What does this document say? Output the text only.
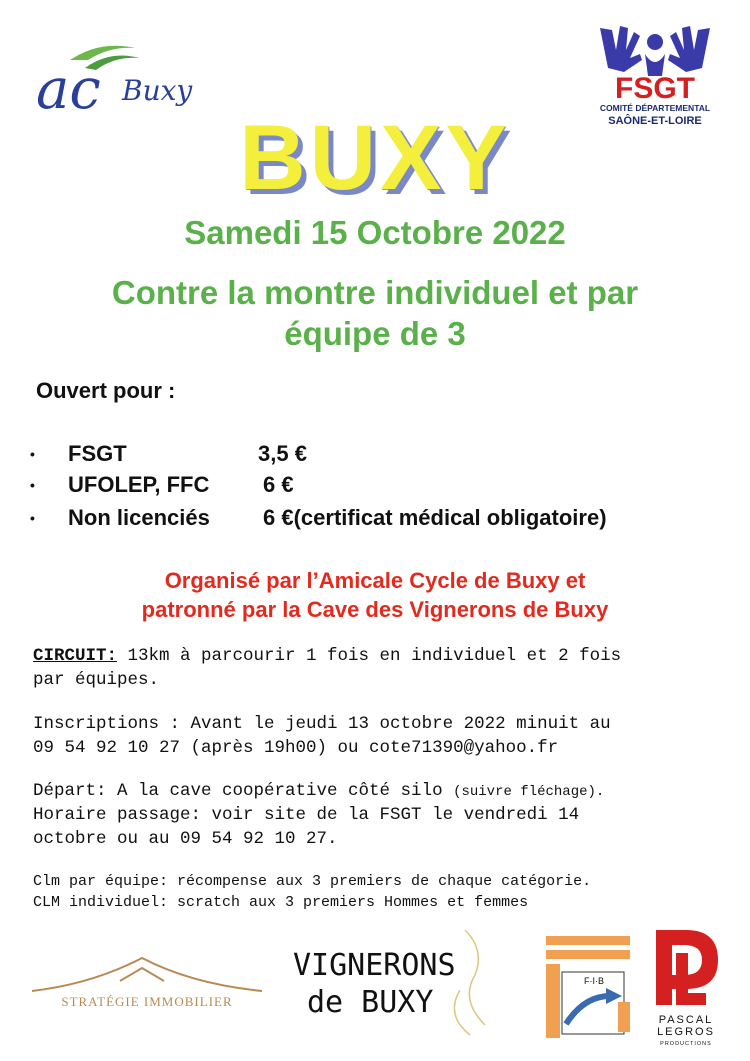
ac Buxy	FSGT
COMITÉ DÉPARTEMENTAL
SAÔNE-ET-LOIRE
BUXY
Samedi 15 Octobre 2022
Contre la montre individuel et par
équipe de 3
Ouvert pour :
• FSGT	3,5 €
• UFOLEP, FFC 6 €
• Non licenciés 6 €(certificat médical obligatoire)
Organisé par l’Amicale Cycle de Buxy et
patronné par la Cave des Vignerons de Buxy
CIRCUIT: 13km à parcourir 1 fois en individuel et 2 fois
par équipes.
Inscriptions : Avant le jeudi 13 octobre 2022 minuit au
09 54 92 10 27 (après 19h00) ou cote71390@yahoo.fr
Départ: A la cave coopérative côté silo (suivre fléchage).
Horaire passage: voir site de la FSGT le vendredi 14
octobre ou au 09 54 92 10 27.
Clm par équipe: récompense aux 3 premiers de chaque catégorie.
CLM individuel: scratch aux 3 premiers Hommes et femmes
STRATÉGIE IMMOBILIER
VIGNERONS
de BUXY
F·I·B
PASCAL
LEGROS
PRODUCTIONS
